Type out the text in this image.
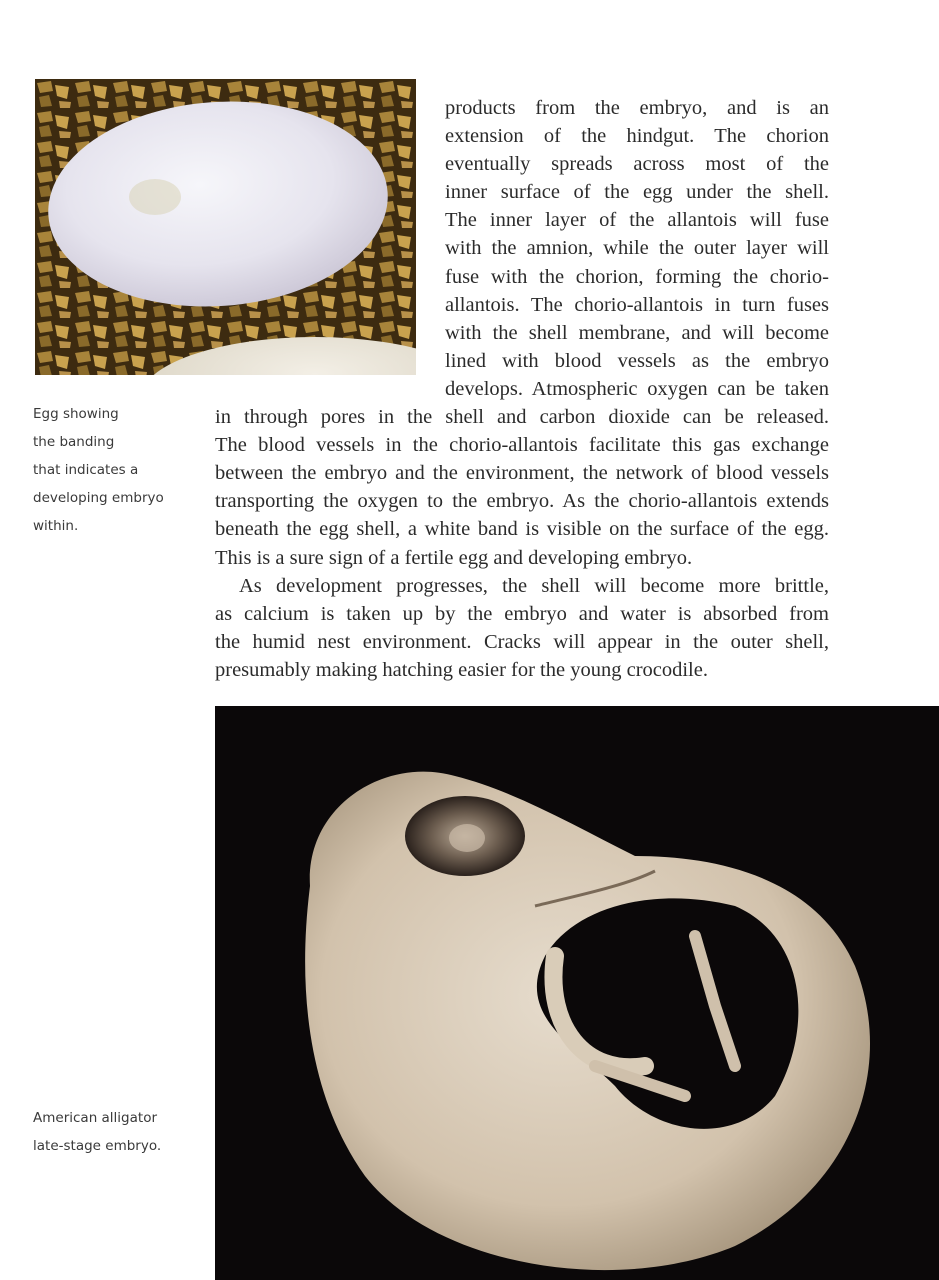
Egg showing
the banding
that indicates a
developing embryo
within.
products from the embryo, and is an
extension of the hindgut. The chorion
eventually spreads across most of the
inner surface of the egg under the shell.
The inner layer of the allantois will fuse
with the amnion, while the outer layer will
fuse with the chorion, forming the chorio-
allantois. The chorio-allantois in turn fuses
with the shell membrane, and will become
lined with blood vessels as the embryo
develops. Atmospheric oxygen can be taken
in through pores in the shell and carbon dioxide can be released.
The blood vessels in the chorio-allantois facilitate this gas exchange
between the embryo and the environment, the network of blood vessels
transporting the oxygen to the embryo. As the chorio-allantois extends
beneath the egg shell, a white band is visible on the surface of the egg.
This is a sure sign of a fertile egg and developing embryo.
As development progresses, the shell will become more brittle,
as calcium is taken up by the embryo and water is absorbed from
the humid nest environment. Cracks will appear in the outer shell,
presumably making hatching easier for the young crocodile.
American alligator
late-stage embryo.
